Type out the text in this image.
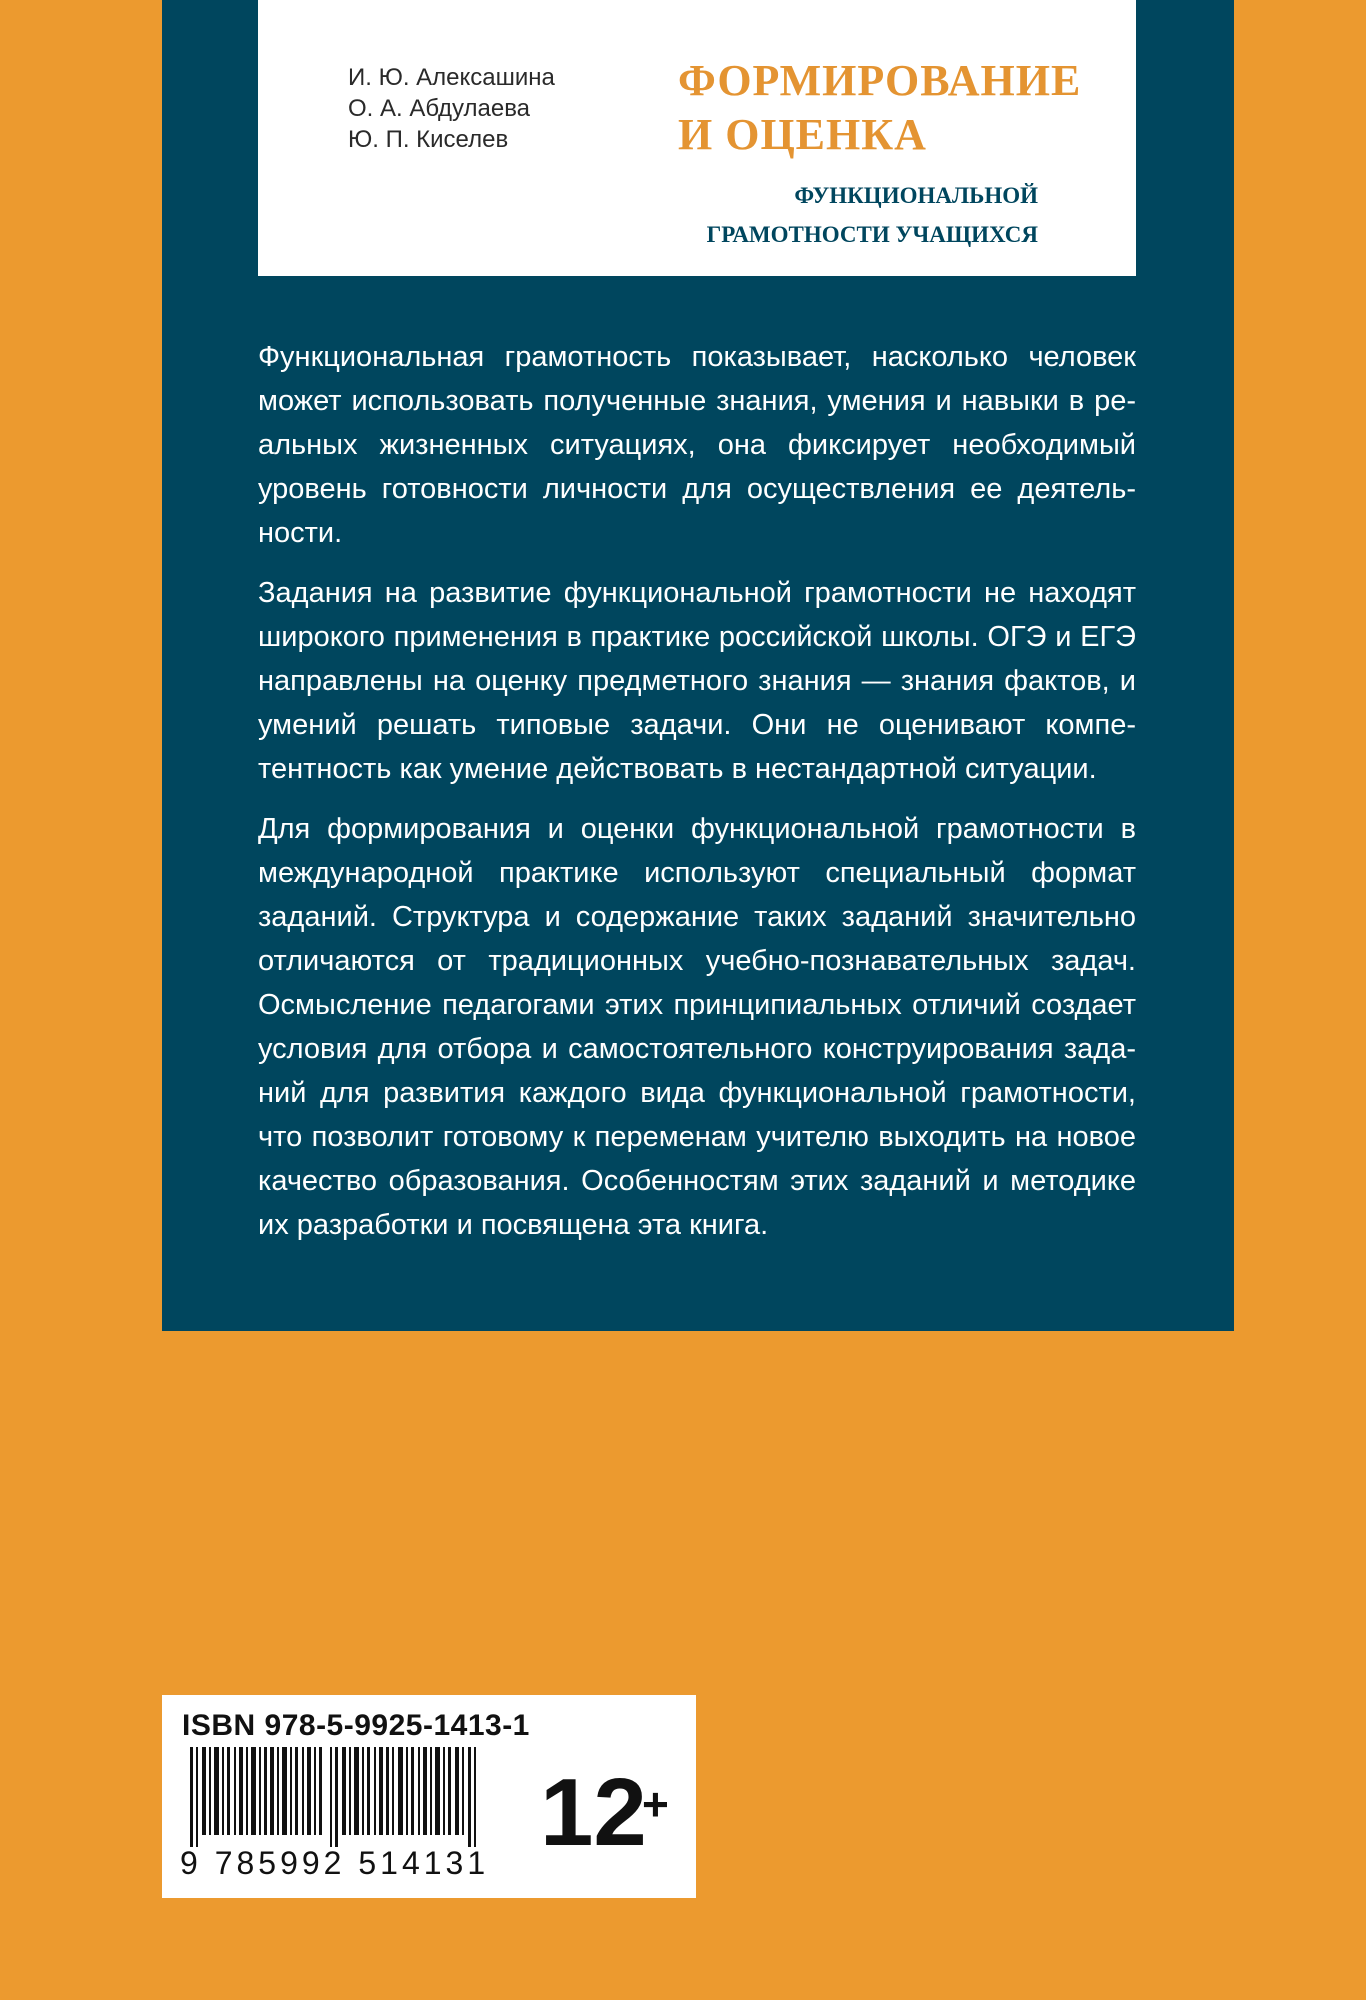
И. Ю. Алексашина
О. А. Абдулаева
Ю. П. Киселев
ФОРМИРОВАНИЕ
И ОЦЕНКА
ФУНКЦИОНАЛЬНОЙ
ГРАМОТНОСТИ УЧАЩИХСЯ

Функциональная грамотность показывает, насколько человек может использовать полученные знания, умения и навыки в реальных жизненных ситуациях, она фиксирует необходимый уровень готовности личности для осуществления ее деятельности.

Задания на развитие функциональной грамотности не находят широкого применения в практике российской школы. ОГЭ и ЕГЭ направлены на оценку предметного знания — знания фактов, и умений решать типовые задачи. Они не оценивают компетентность как умение действовать в нестандартной ситуации.

Для формирования и оценки функциональной грамотности в международной практике используют специальный формат заданий. Структура и содержание таких заданий значительно отличаются от традиционных учебно-познавательных задач. Осмысление педагогами этих принципиальных отличий создает условия для отбора и самостоятельного конструирования заданий для развития каждого вида функциональной грамотности, что позволит готовому к переменам учителю выходить на новое качество образования. Особенностям этих заданий и методике их разработки и посвящена эта книга.

ISBN 978-5-9925-1413-1
9 785992 514131 12
+
